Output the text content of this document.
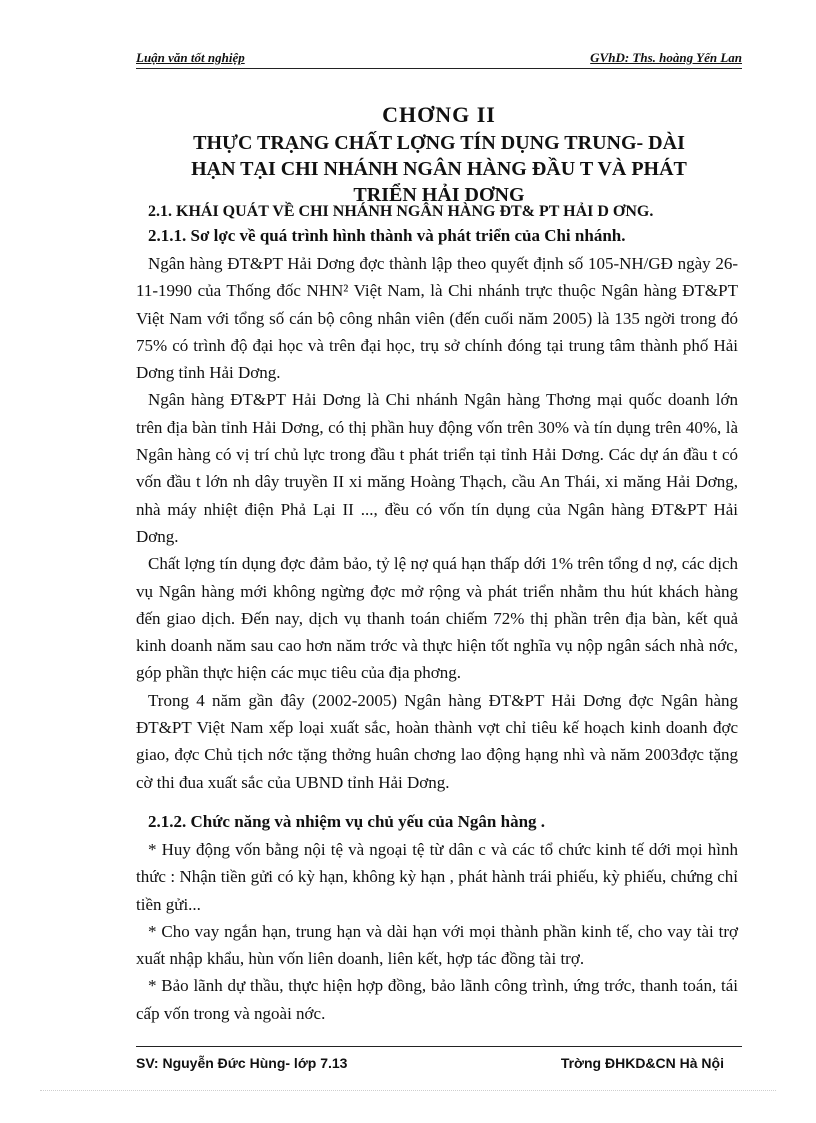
Luận văn tốt nghiệp	GVhD: Ths. hoàng Yến Lan
CHƠNG II
THỰC TRẠNG CHẤT LỢNG TÍN DỤNG TRUNG- DÀI
HẠN TẠI CHI NHÁNH NGÂN HÀNG ĐẦU T VÀ PHÁT
TRIỂN HẢI DƠNG
2.1. KHÁI QUÁT VỀ CHI NHÁNH NGÂN HÀNG ĐT& PT HẢI D ƠNG.
2.1.1. Sơ lợc về quá trình hình thành và phát triển của Chi nhánh.

Ngân hàng ĐT&PT Hải Dơng đợc thành lập theo quyết định số 105-NH/GĐ ngày 26-11-1990 của Thống đốc NHN² Việt Nam, là Chi nhánh trực thuộc Ngân hàng ĐT&PT Việt Nam với tổng số cán bộ công nhân viên (đến cuối năm 2005) là 135 ngời trong đó 75% có trình độ đại học và trên đại học, trụ sở chính đóng tại trung tâm thành phố Hải Dơng tỉnh Hải Dơng.

Ngân hàng ĐT&PT Hải Dơng là Chi nhánh Ngân hàng Thơng mại quốc doanh lớn trên địa bàn tỉnh Hải Dơng, có thị phần huy động vốn trên 30% và tín dụng trên 40%, là Ngân hàng có vị trí chủ lực trong đầu t phát triển tại tỉnh Hải Dơng. Các dự án đầu t có vốn đầu t lớn nh dây truyền II xi măng Hoàng Thạch, cầu An Thái, xi măng Hải Dơng, nhà máy nhiệt điện Phả Lại II ..., đều có vốn tín dụng của Ngân hàng ĐT&PT Hải Dơng.

Chất lợng tín dụng đợc đảm bảo, tỷ lệ nợ quá hạn thấp dới 1% trên tổng d nợ, các dịch vụ Ngân hàng mới không ngừng đợc mở rộng và phát triển nhằm thu hút khách hàng đến giao dịch. Đến nay, dịch vụ thanh toán chiếm 72% thị phần trên địa bàn, kết quả kinh doanh năm sau cao hơn năm trớc và thực hiện tốt nghĩa vụ nộp ngân sách nhà nớc, góp phần thực hiện các mục tiêu của địa phơng.

Trong 4 năm gần đây (2002-2005) Ngân hàng ĐT&PT Hải Dơng đợc Ngân hàng ĐT&PT Việt Nam xếp loại xuất sắc, hoàn thành vợt chỉ tiêu kế hoạch kinh doanh đợc giao, đợc Chủ tịch nớc tặng thởng huân chơng lao động hạng nhì và năm 2003đợc tặng cờ thi đua xuất sắc của UBND tỉnh Hải Dơng.

2.1.2. Chức năng và nhiệm vụ chủ yếu của Ngân hàng .

* Huy động vốn bằng nội tệ và ngoại tệ từ dân c và các tổ chức kinh tế dới mọi hình thức : Nhận tiền gửi có kỳ hạn, không kỳ hạn , phát hành trái phiếu, kỳ phiếu, chứng chỉ tiền gửi...

* Cho vay ngắn hạn, trung hạn và dài hạn với mọi thành phần kinh tế, cho vay tài trợ xuất nhập khẩu, hùn vốn liên doanh, liên kết, hợp tác đồng tài trợ.

* Bảo lãnh dự thầu, thực hiện hợp đồng, bảo lãnh công trình, ứng trớc, thanh toán, tái cấp vốn trong và ngoài nớc.

SV: Nguyễn Đức Hùng- lớp 7.13	Trờng ĐHKD&CN Hà Nội
